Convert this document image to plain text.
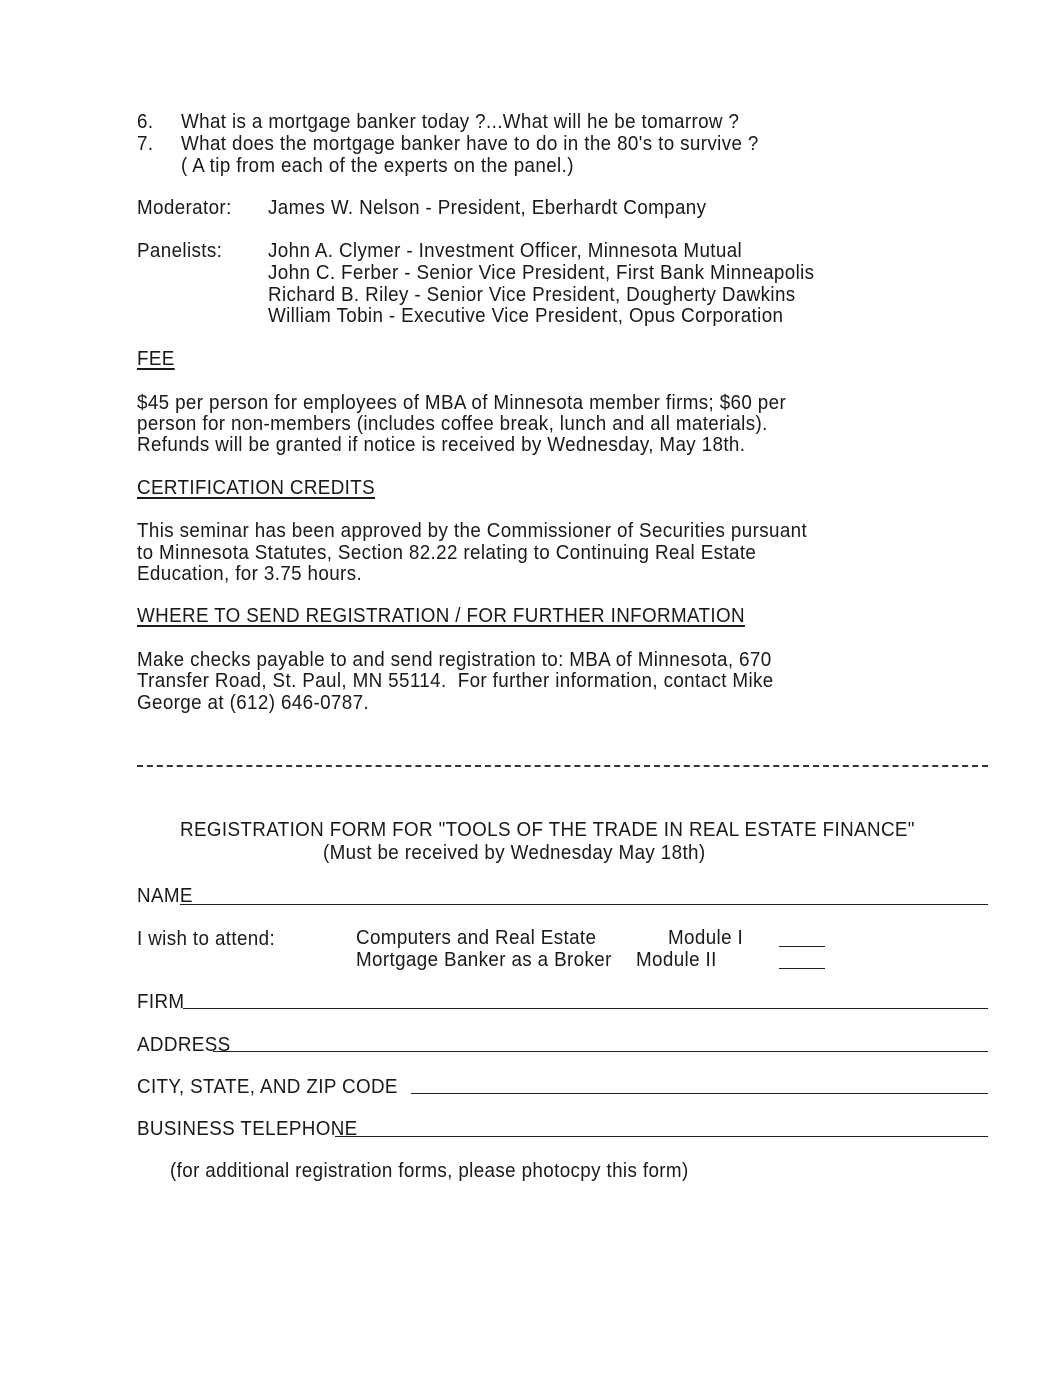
6. What is a mortgage banker today ?...What will he be tomarrow ?
7. What does the mortgage banker have to do in the 80's to survive ?
( A tip from each of the experts on the panel.)
Moderator: James W. Nelson - President, Eberhardt Company
Panelists: John A. Clymer - Investment Officer, Minnesota Mutual
John C. Ferber - Senior Vice President, First Bank Minneapolis
Richard B. Riley - Senior Vice President, Dougherty Dawkins
William Tobin - Executive Vice President, Opus Corporation
FEE
$45 per person for employees of MBA of Minnesota member firms; $60 per
person for non-members (includes coffee break, lunch and all materials).
Refunds will be granted if notice is received by Wednesday, May 18th.
CERTIFICATION CREDITS
This seminar has been approved by the Commissioner of Securities pursuant
to Minnesota Statutes, Section 82.22 relating to Continuing Real Estate
Education, for 3.75 hours.
WHERE TO SEND REGISTRATION / FOR FURTHER INFORMATION
Make checks payable to and send registration to: MBA of Minnesota, 670
Transfer Road, St. Paul, MN 55114.  For further information, contact Mike
George at (612) 646-0787.
REGISTRATION FORM FOR "TOOLS OF THE TRADE IN REAL ESTATE FINANCE"
(Must be received by Wednesday May 18th)
NAME
I wish to attend:	Computers and Real Estate	Module I
Mortgage Banker as a Broker Module II
FIRM
ADDRESS
CITY, STATE, AND ZIP CODE
BUSINESS TELEPHONE
(for additional registration forms, please photocpy this form)
